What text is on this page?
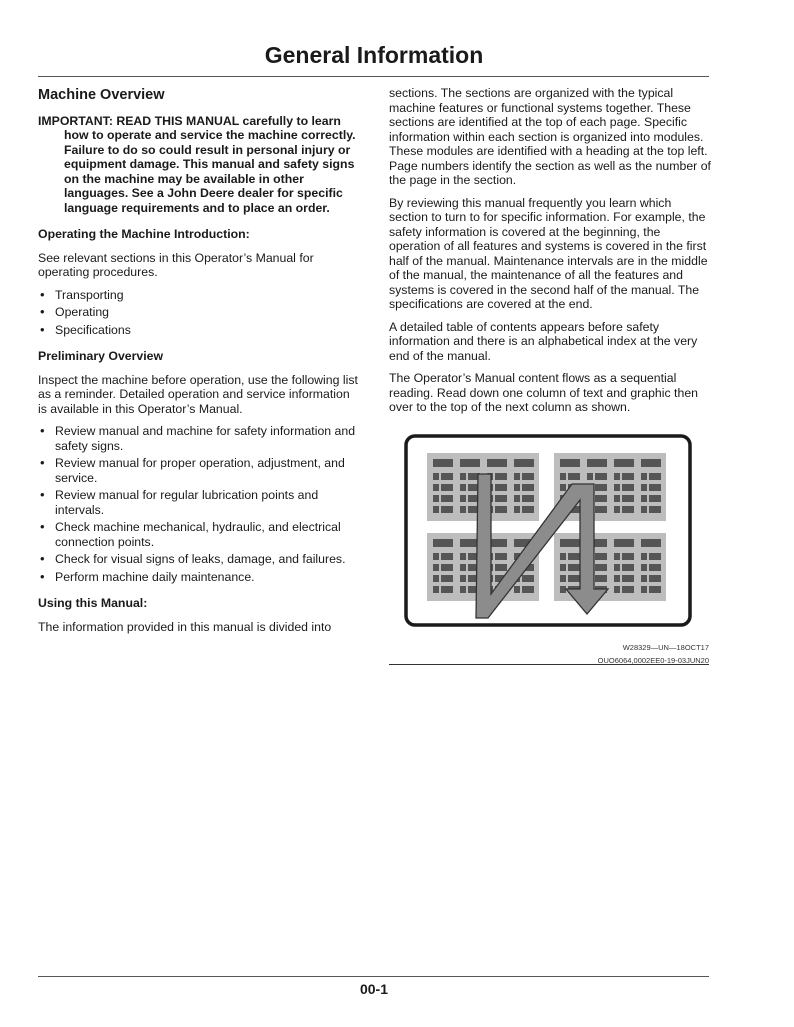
General Information
Machine Overview

IMPORTANT: READ THIS MANUAL carefully to learn how to operate and service the machine correctly. Failure to do so could result in personal injury or equipment damage. This manual and safety signs on the machine may be available in other languages. See a John Deere dealer for specific language requirements and to place an order.

Operating the Machine Introduction:

See relevant sections in this Operator’s Manual for operating procedures.

• Transporting
• Operating
• Specifications
Preliminary Overview

Inspect the machine before operation, use the following list as a reminder. Detailed operation and service information is available in this Operator’s Manual.

• Review manual and machine for safety information and safety signs.
• Review manual for proper operation, adjustment, and service.
• Review manual for regular lubrication points and intervals.
• Check machine mechanical, hydraulic, and electrical connection points.
• Check for visual signs of leaks, damage, and failures.
• Perform machine daily maintenance.
Using this Manual:

The information provided in this manual is divided into

sections. The sections are organized with the typical machine features or functional systems together. These sections are identified at the top of each page. Specific information within each section is organized into modules. These modules are identified with a heading at the top left. Page numbers identify the section as well as the number of the page in the section.

By reviewing this manual frequently you learn which section to turn to for specific information. For example, the safety information is covered at the beginning, the operation of all features and systems is covered in the first half of the manual. Maintenance intervals are in the middle of the manual, the maintenance of all the features and systems is covered in the second half of the manual. The specifications are covered at the end.

A detailed table of contents appears before safety information and there is an alphabetical index at the very end of the manual.

The Operator’s Manual content flows as a sequential reading. Read down one column of text and graphic then over to the top of the next column as shown.

W28329—UN—18OCT17

OUO6064,0002EE0-19-03JUN20

00-1
